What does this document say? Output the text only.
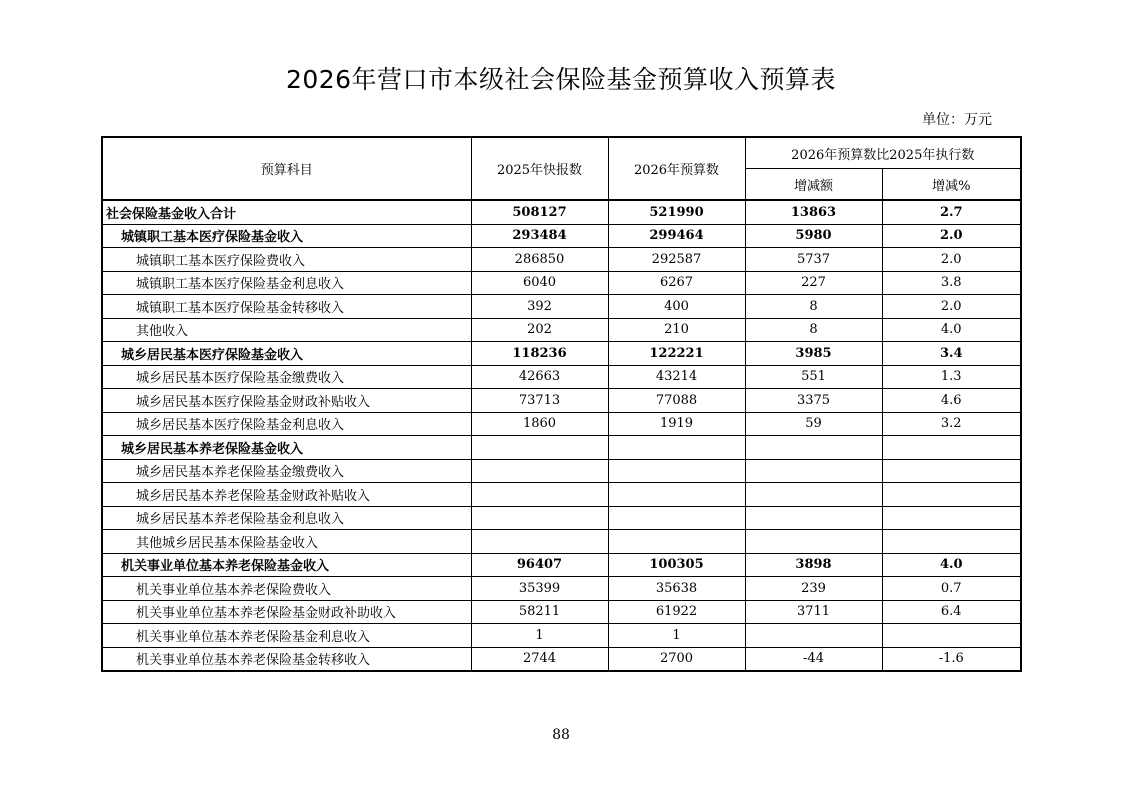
2026年营口市本级社会保险基金预算收入预算表
单位：万元
预算科目	2025年快报数	2026年预算数	2026年预算数比2025年执行数	
			增减额	增减%
社会保险基金收入合计	508127	521990	13863	2.7
城镇职工基本医疗保险基金收入	293484	299464	5980	2.0
城镇职工基本医疗保险费收入	286850	292587	5737	2.0
城镇职工基本医疗保险基金利息收入	6040	6267	227	3.8
城镇职工基本医疗保险基金转移收入	392	400	8	2.0
其他收入	202	210	8	4.0
城乡居民基本医疗保险基金收入	118236	122221	3985	3.4
城乡居民基本医疗保险基金缴费收入	42663	43214	551	1.3
城乡居民基本医疗保险基金财政补贴收入	73713	77088	3375	4.6
城乡居民基本医疗保险基金利息收入	1860	1919	59	3.2
城乡居民基本养老保险基金收入				
城乡居民基本养老保险基金缴费收入				
城乡居民基本养老保险基金财政补贴收入				
城乡居民基本养老保险基金利息收入				
其他城乡居民基本保险基金收入				
机关事业单位基本养老保险基金收入	96407	100305	3898	4.0
机关事业单位基本养老保险费收入	35399	35638	239	0.7
机关事业单位基本养老保险基金财政补助收入	58211	61922	3711	6.4
机关事业单位基本养老保险基金利息收入	1	1		
机关事业单位基本养老保险基金转移收入	2744	2700	-44	-1.6
88
